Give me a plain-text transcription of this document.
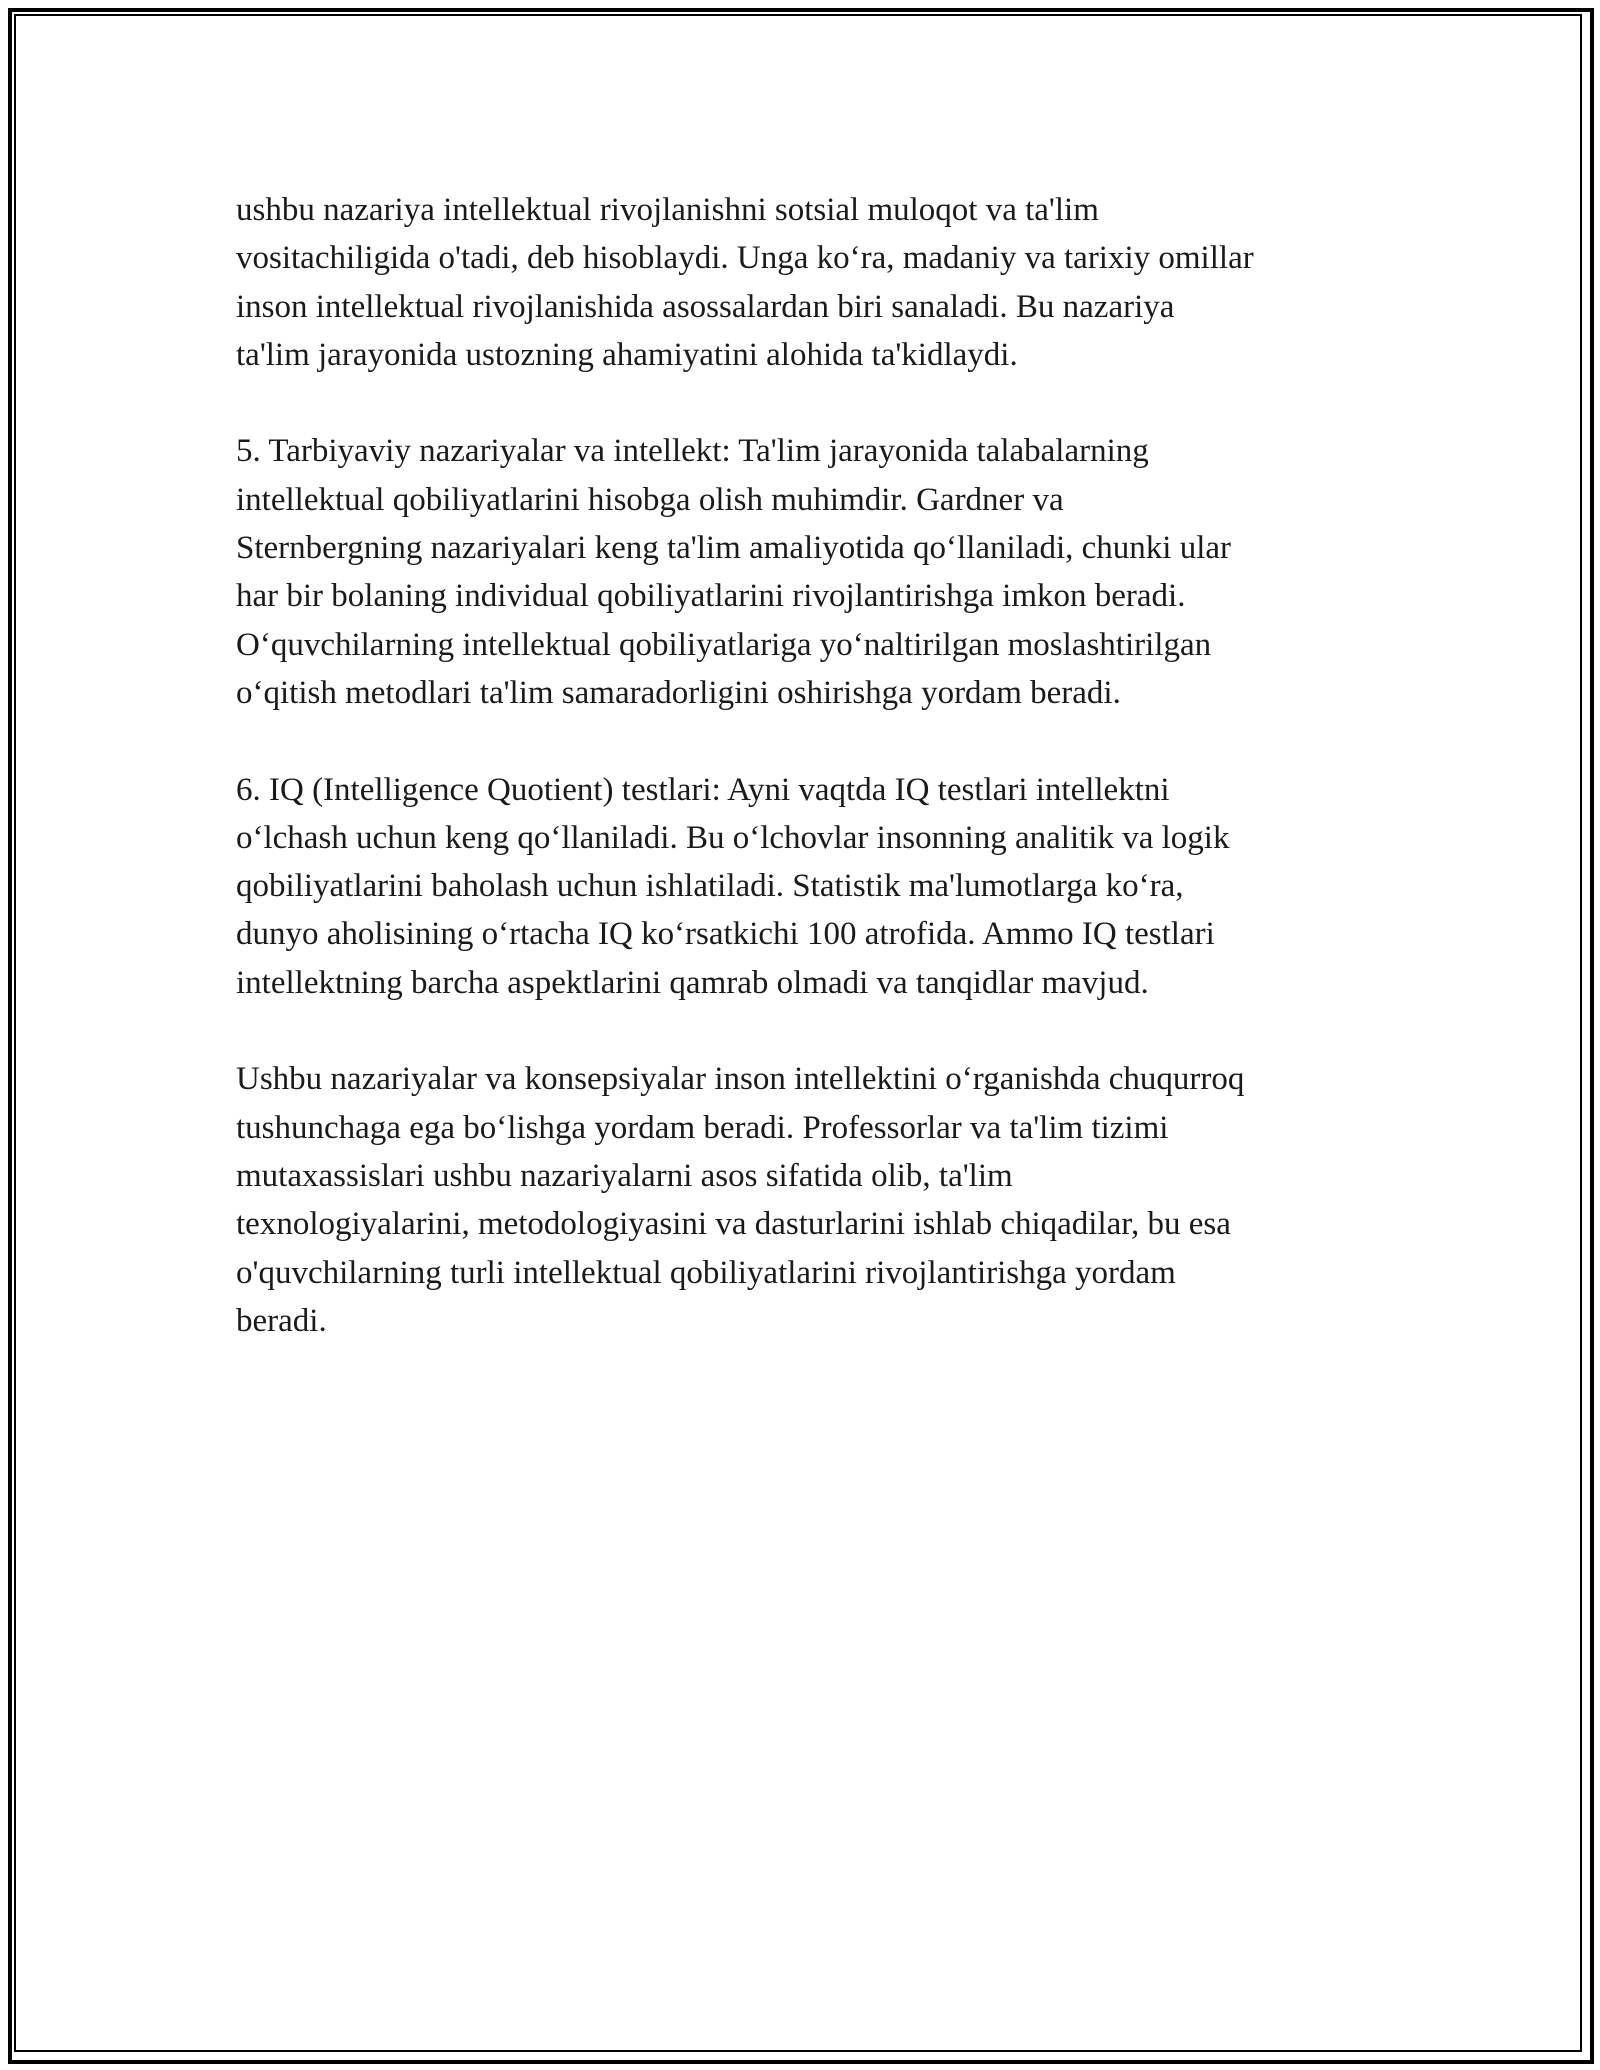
ushbu nazariya intellektual rivojlanishni sotsial muloqot va ta'lim
vositachiligida o'tadi, deb hisoblaydi. Unga ko‘ra, madaniy va tarixiy omillar
inson intellektual rivojlanishida asossalardan biri sanaladi. Bu nazariya
ta'lim jarayonida ustozning ahamiyatini alohida ta'kidlaydi.

5. Tarbiyaviy nazariyalar va intellekt: Ta'lim jarayonida talabalarning
intellektual qobiliyatlarini hisobga olish muhimdir. Gardner va
Sternbergning nazariyalari keng ta'lim amaliyotida qo‘llaniladi, chunki ular
har bir bolaning individual qobiliyatlarini rivojlantirishga imkon beradi.
O‘quvchilarning intellektual qobiliyatlariga yo‘naltirilgan moslashtirilgan
o‘qitish metodlari ta'lim samaradorligini oshirishga yordam beradi.

6. IQ (Intelligence Quotient) testlari: Ayni vaqtda IQ testlari intellektni
o‘lchash uchun keng qo‘llaniladi. Bu o‘lchovlar insonning analitik va logik
qobiliyatlarini baholash uchun ishlatiladi. Statistik ma'lumotlarga ko‘ra,
dunyo aholisining o‘rtacha IQ ko‘rsatkichi 100 atrofida. Ammo IQ testlari
intellektning barcha aspektlarini qamrab olmadi va tanqidlar mavjud.

Ushbu nazariyalar va konsepsiyalar inson intellektini o‘rganishda chuqurroq
tushunchaga ega bo‘lishga yordam beradi. Professorlar va ta'lim tizimi
mutaxassislari ushbu nazariyalarni asos sifatida olib, ta'lim
texnologiyalarini, metodologiyasini va dasturlarini ishlab chiqadilar, bu esa
o'quvchilarning turli intellektual qobiliyatlarini rivojlantirishga yordam
beradi.
